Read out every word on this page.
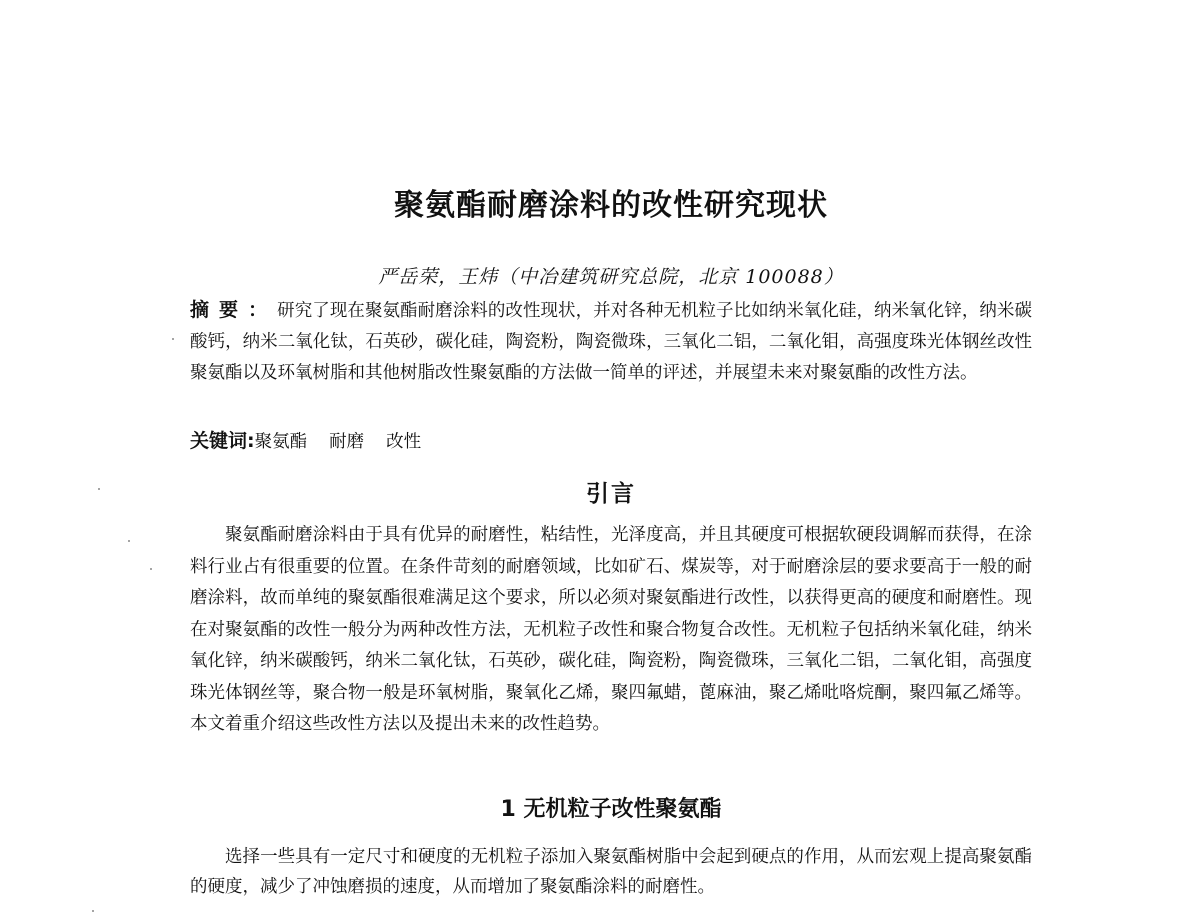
聚氨酯耐磨涂料的改性研究现状

严岳荣，王炜（中冶建筑研究总院，北京 100088）

摘要：研究了现在聚氨酯耐磨涂料的改性现状，并对各种无机粒子比如纳米氧化硅，纳米氧化锌，纳米碳酸钙，纳米二氧化钛，石英砂，碳化硅，陶瓷粉，陶瓷微珠，三氧化二铝，二氧化钼，高强度珠光体钢丝改性聚氨酯以及环氧树脂和其他树脂改性聚氨酯的方法做一简单的评述，并展望未来对聚氨酯的改性方法。

关键词:聚氨酯 耐磨 改性

引言

聚氨酯耐磨涂料由于具有优异的耐磨性，粘结性，光泽度高，并且其硬度可根据软硬段调解而获得，在涂料行业占有很重要的位置。在条件苛刻的耐磨领域，比如矿石、煤炭等，对于耐磨涂层的要求要高于一般的耐磨涂料，故而单纯的聚氨酯很难满足这个要求，所以必须对聚氨酯进行改性，以获得更高的硬度和耐磨性。现在对聚氨酯的改性一般分为两种改性方法，无机粒子改性和聚合物复合改性。无机粒子包括纳米氧化硅，纳米氧化锌，纳米碳酸钙，纳米二氧化钛，石英砂，碳化硅，陶瓷粉，陶瓷微珠，三氧化二铝，二氧化钼，高强度珠光体钢丝等，聚合物一般是环氧树脂，聚氧化乙烯，聚四氟蜡，蓖麻油，聚乙烯吡咯烷酮，聚四氟乙烯等。本文着重介绍这些改性方法以及提出未来的改性趋势。

1 无机粒子改性聚氨酯

选择一些具有一定尺寸和硬度的无机粒子添加入聚氨酯树脂中会起到硬点的作用，从而宏观上提高聚氨酯的硬度，减少了冲蚀磨损的速度，从而增加了聚氨酯涂料的耐磨性。
